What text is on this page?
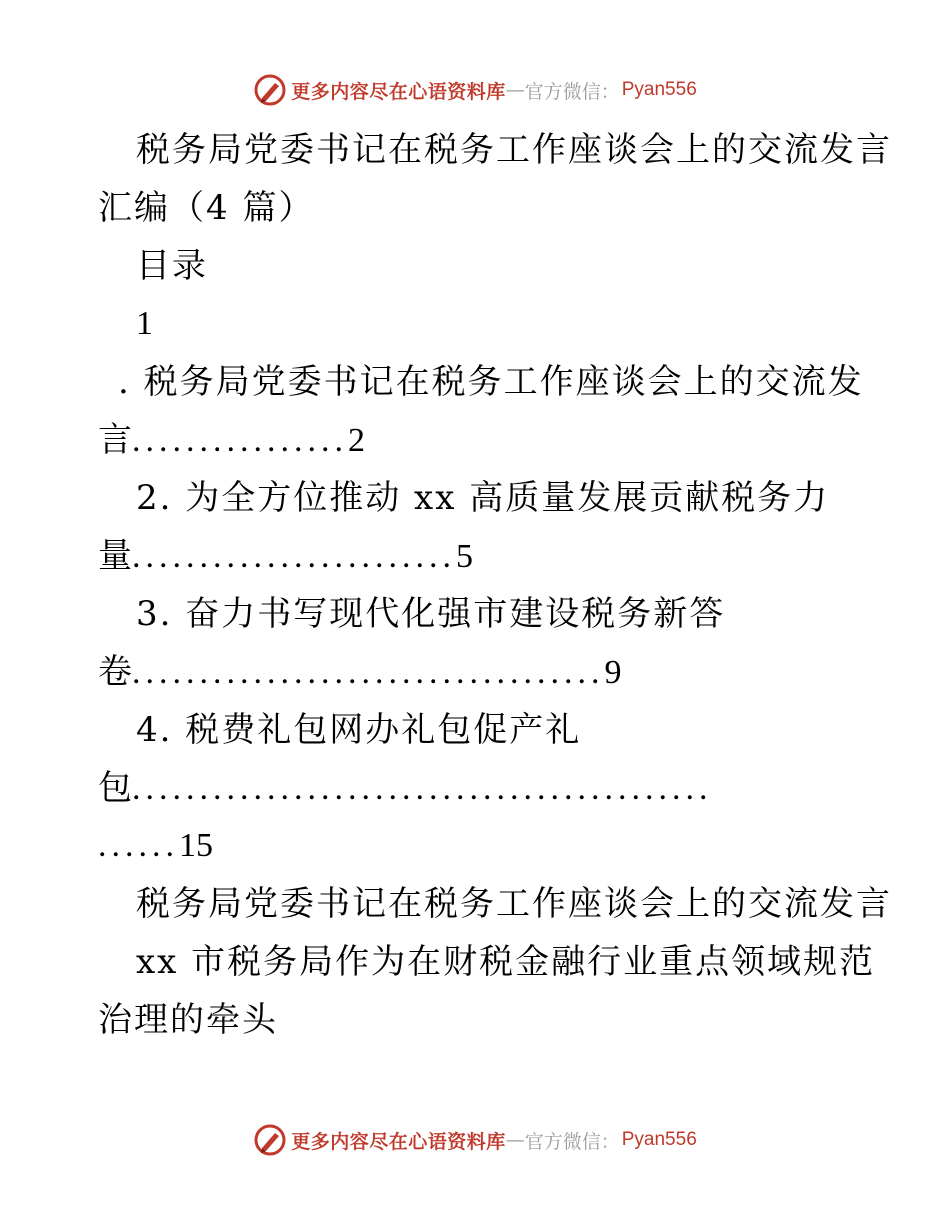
更多内容尽在心语资料库 — 官方微信： Pyan556
税务局党委书记在税务工作座谈会上的交流发言
汇编（4 篇）
目录
1
. 税务局党委书记在税务工作座谈会上的交流发
言................2
2. 为全方位推动 xx 高质量发展贡献税务力
量........................5
3. 奋力书写现代化强市建设税务新答
卷...................................9
4. 税费礼包网办礼包促产礼
包...........................................
......15
税务局党委书记在税务工作座谈会上的交流发言
xx 市税务局作为在财税金融行业重点领域规范
治理的牵头
更多内容尽在心语资料库 — 官方微信： Pyan556
